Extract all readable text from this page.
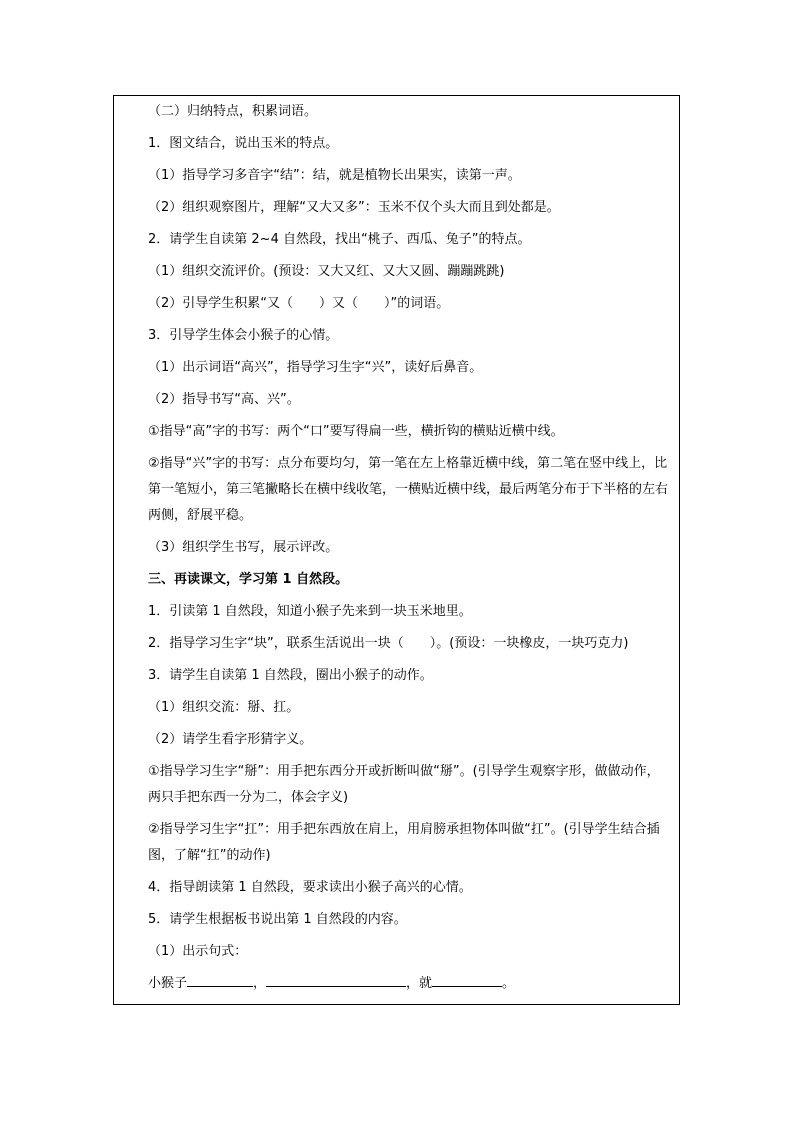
（二）归纳特点，积累词语。
1．图文结合，说出玉米的特点。
（1）指导学习多音字“结”：结，就是植物长出果实，读第一声。
（2）组织观察图片，理解“又大又多”：玉米不仅个头大而且到处都是。
2．请学生自读第 2~4 自然段，找出“桃子、西瓜、兔子”的特点。
（1）组织交流评价。(预设：又大又红、又大又圆、蹦蹦跳跳)
（2）引导学生积累“又（　　）又（　　）”的词语。
3．引导学生体会小猴子的心情。
（1）出示词语“高兴”，指导学习生字“兴”，读好后鼻音。
（2）指导书写“高、兴”。
①指导“高”字的书写：两个“口”要写得扁一些，横折钩的横贴近横中线。
②指导“兴”字的书写：点分布要均匀，第一笔在左上格靠近横中线，第二笔在竖中线上，比第一笔短小，第三笔撇略长在横中线收笔，一横贴近横中线，最后两笔分布于下半格的左右两侧，舒展平稳。
（3）组织学生书写，展示评改。
三、再读课文，学习第 1 自然段。
1．引读第 1 自然段，知道小猴子先来到一块玉米地里。
2．指导学习生字“块”，联系生活说出一块（　　）。(预设：一块橡皮，一块巧克力)
3．请学生自读第 1 自然段，圈出小猴子的动作。
（1）组织交流：掰、扛。
（2）请学生看字形猜字义。
①指导学习生字“掰”：用手把东西分开或折断叫做“掰”。(引导学生观察字形，做做动作，两只手把东西一分为二，体会字义)
②指导学习生字“扛”：用手把东西放在肩上，用肩膀承担物体叫做“扛”。(引导学生结合插图，了解“扛”的动作)
4．指导朗读第 1 自然段，要求读出小猴子高兴的心情。
5．请学生根据板书说出第 1 自然段的内容。
（1）出示句式：
小猴子	，	，就	。
